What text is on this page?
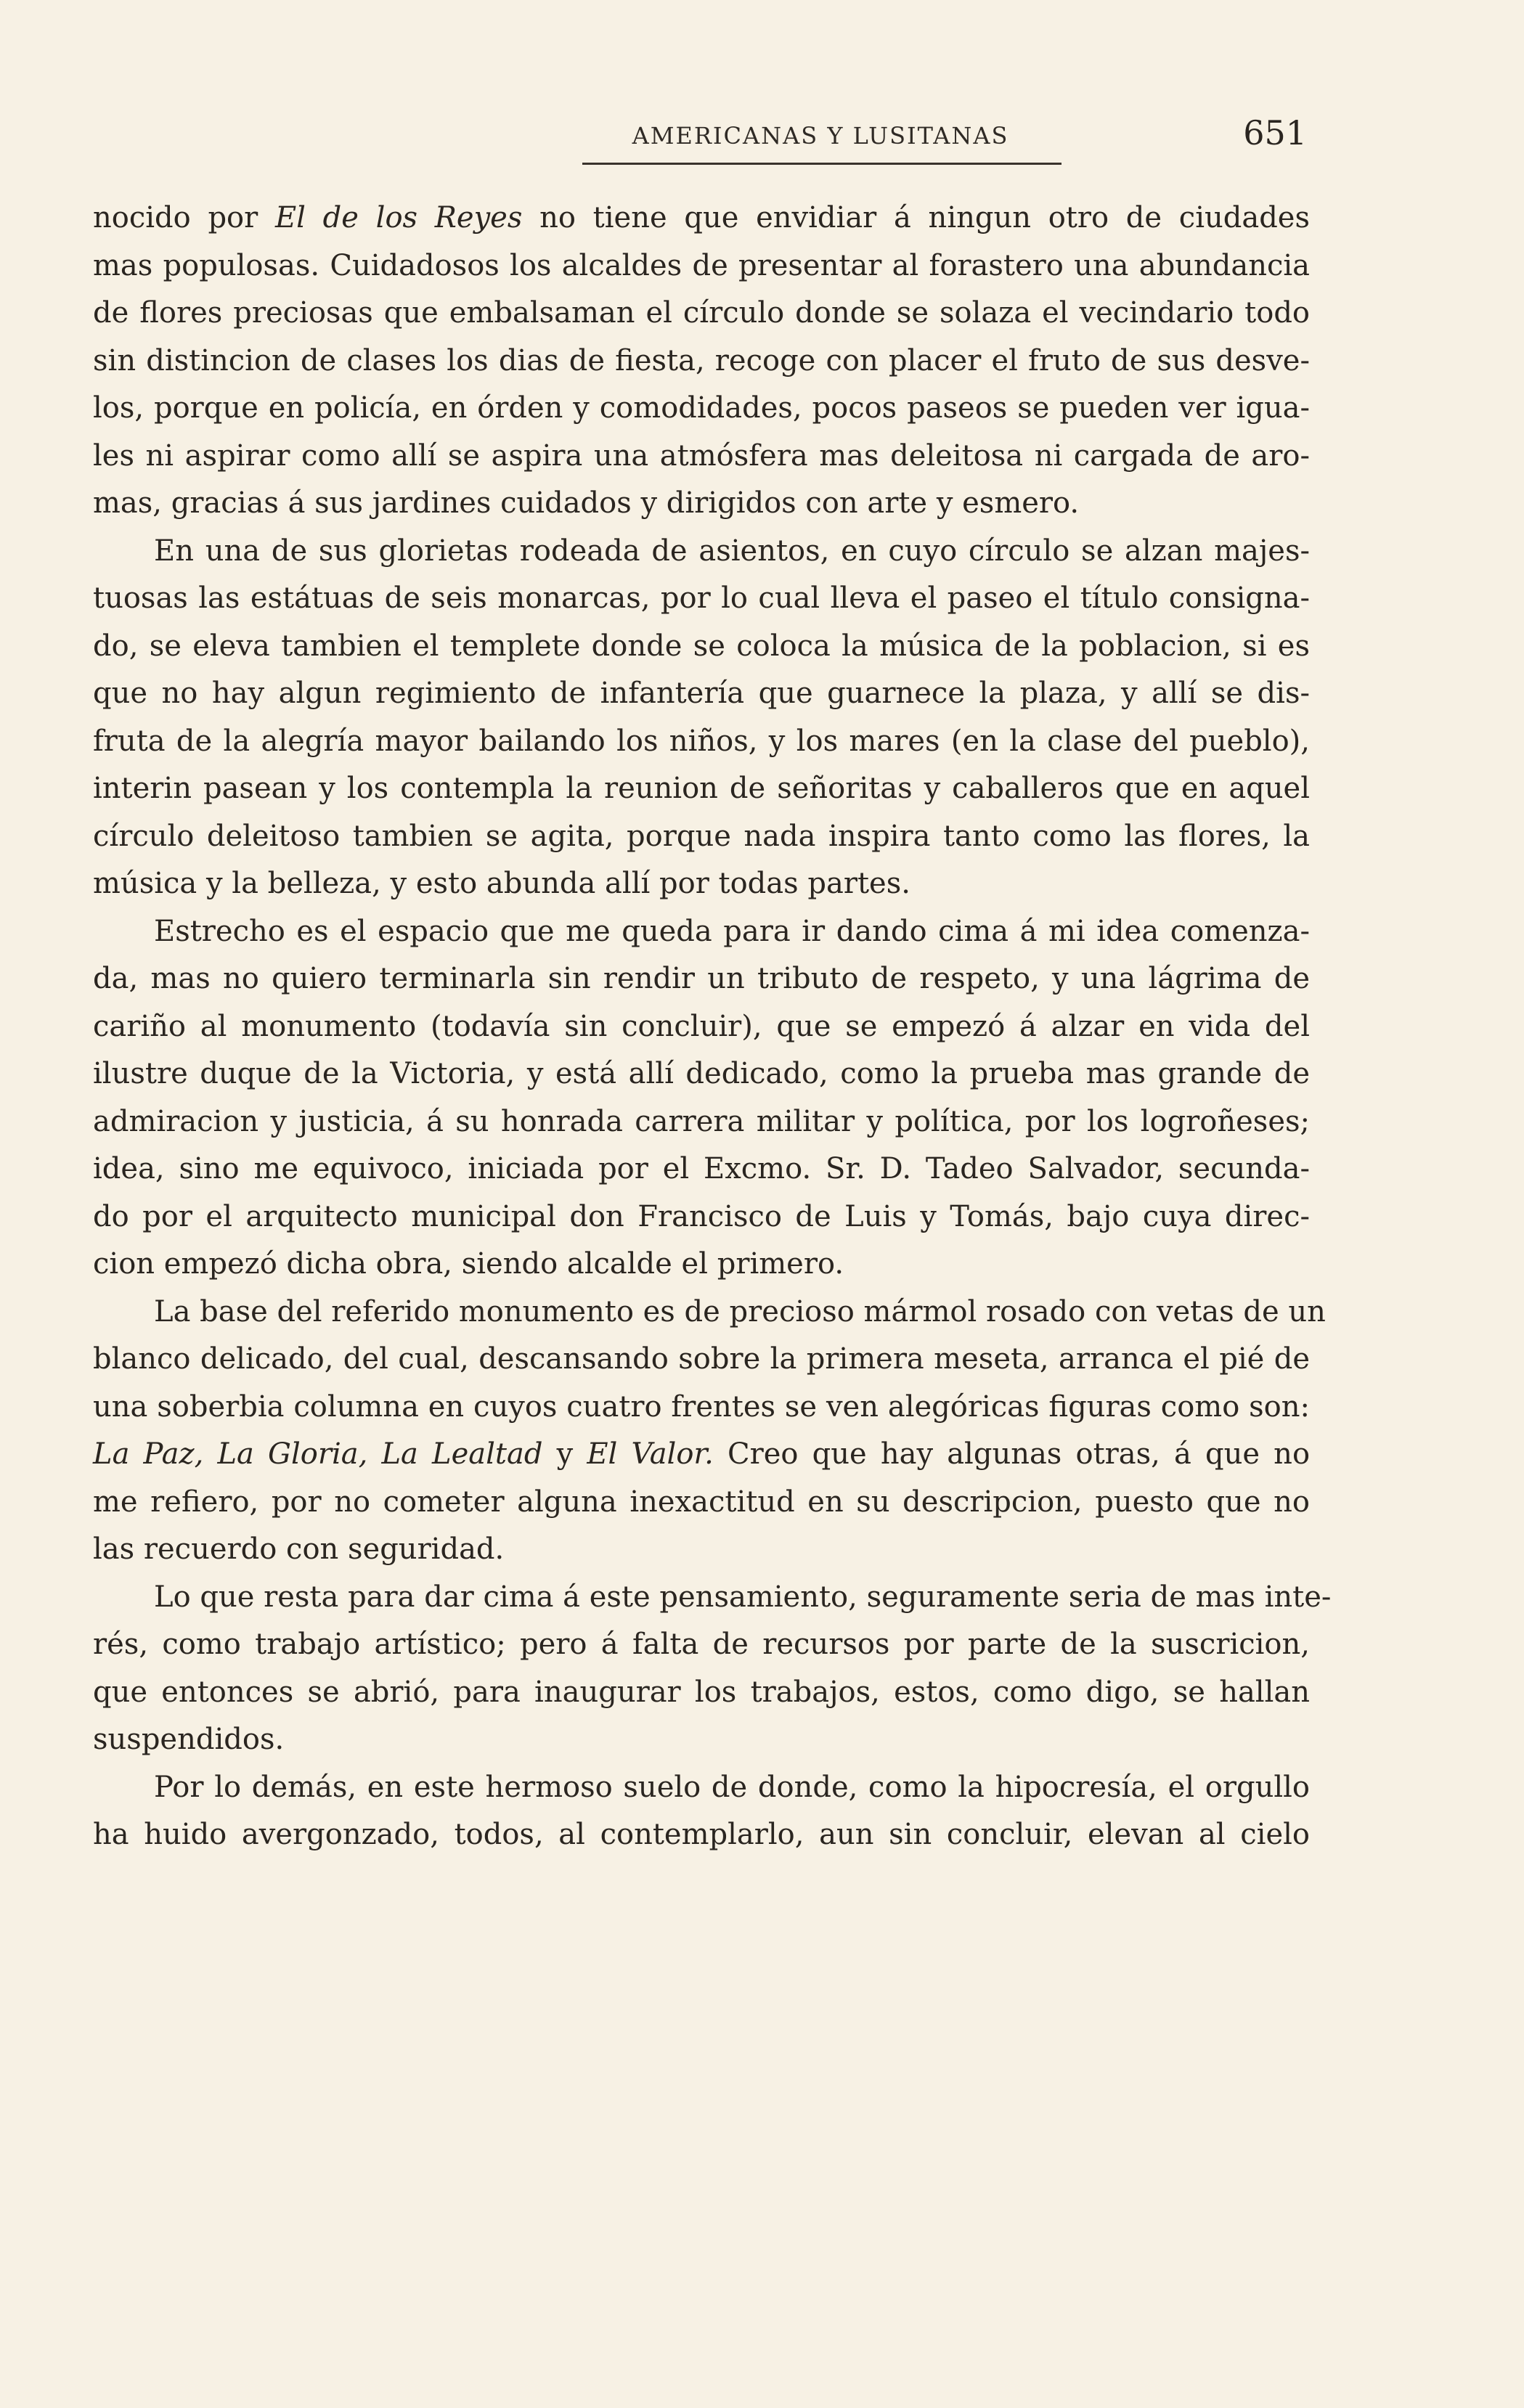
AMERICANAS Y LUSITANAS	651

nocido por El de los Reyes no tiene que envidiar á ningun otro de ciudades
mas populosas. Cuidadosos los alcaldes de presentar al forastero una abundancia
de flores preciosas que embalsaman el círculo donde se solaza el vecindario todo
sin distincion de clases los dias de fiesta, recoge con placer el fruto de sus desve-
los, porque en policía, en órden y comodidades, pocos paseos se pueden ver igua-
les ni aspirar como allí se aspira una atmósfera mas deleitosa ni cargada de aro-
mas, gracias á sus jardines cuidados y dirigidos con arte y esmero.

En una de sus glorietas rodeada de asientos, en cuyo círculo se alzan majes-
tuosas las estátuas de seis monarcas, por lo cual lleva el paseo el título consigna-
do, se eleva tambien el templete donde se coloca la música de la poblacion, si es
que no hay algun regimiento de infantería que guarnece la plaza, y allí se dis-
fruta de la alegría mayor bailando los niños, y los mares (en la clase del pueblo),
interin pasean y los contempla la reunion de señoritas y caballeros que en aquel
círculo deleitoso tambien se agita, porque nada inspira tanto como las flores, la
música y la belleza, y esto abunda allí por todas partes.

Estrecho es el espacio que me queda para ir dando cima á mi idea comenza-
da, mas no quiero terminarla sin rendir un tributo de respeto, y una lágrima de
cariño al monumento (todavía sin concluir), que se empezó á alzar en vida del
ilustre duque de la Victoria, y está allí dedicado, como la prueba mas grande de
admiracion y justicia, á su honrada carrera militar y política, por los logroñeses;
idea, sino me equivoco, iniciada por el Excmo. Sr. D. Tadeo Salvador, secunda-
do por el arquitecto municipal don Francisco de Luis y Tomás, bajo cuya direc-
cion empezó dicha obra, siendo alcalde el primero.

La base del referido monumento es de precioso mármol rosado con vetas de un
blanco delicado, del cual, descansando sobre la primera meseta, arranca el pié de
una soberbia columna en cuyos cuatro frentes se ven alegóricas figuras como son:
La Paz, La Gloria, La Lealtad y El Valor. Creo que hay algunas otras, á que no
me refiero, por no cometer alguna inexactitud en su descripcion, puesto que no
las recuerdo con seguridad.

Lo que resta para dar cima á este pensamiento, seguramente seria de mas inte-
rés, como trabajo artístico; pero á falta de recursos por parte de la suscricion,
que entonces se abrió, para inaugurar los trabajos, estos, como digo, se hallan
suspendidos.

Por lo demás, en este hermoso suelo de donde, como la hipocresía, el orgullo
ha huido avergonzado, todos, al contemplarlo, aun sin concluir, elevan al cielo
